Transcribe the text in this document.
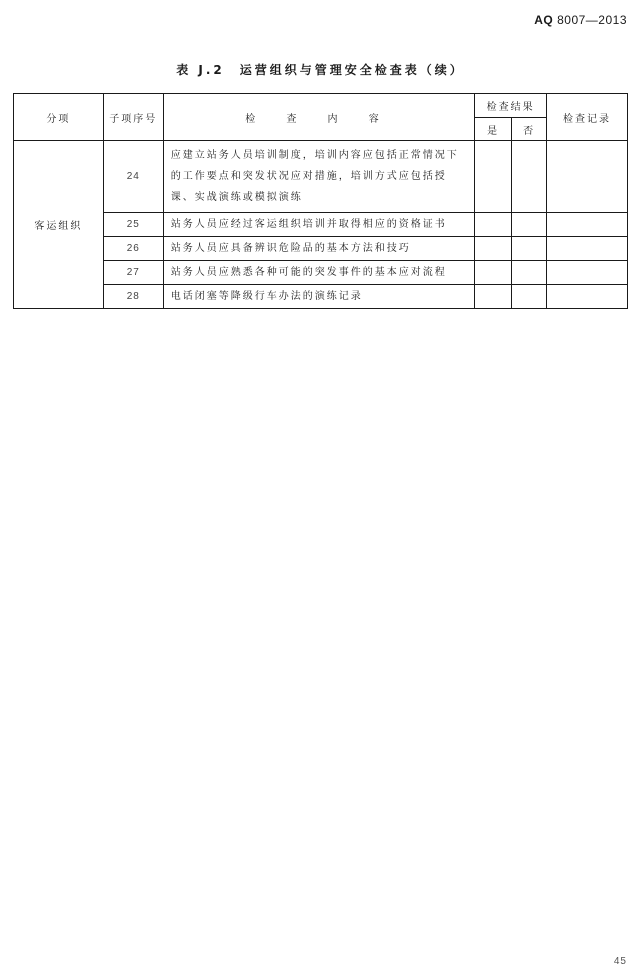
AQ 8007—2013
表 J.2　运营组织与管理安全检查表（续）
分项	子项序号	检 查 内 容	检查结果		检查记录
			是	否	
客运组织	24	应建立站务人员培训制度，培训内容应包括正常情况下的工作要点和突发状况应对措施，培训方式应包括授课、实战演练或模拟演练			
	25	站务人员应经过客运组织培训并取得相应的资格证书			
	26	站务人员应具备辨识危险品的基本方法和技巧			
	27	站务人员应熟悉各种可能的突发事件的基本应对流程			
	28	电话闭塞等降级行车办法的演练记录			
45
